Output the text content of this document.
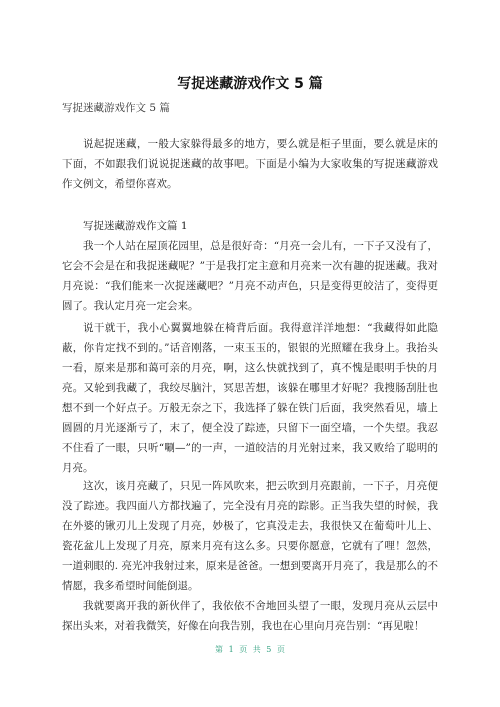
写捉迷藏游戏作文 5 篇

写捉迷藏游戏作文 5 篇

说起捉迷藏，一般大家躲得最多的地方，要么就是柜子里面，要么就是床的下面，不如跟我们说说捉迷藏的故事吧。下面是小编为大家收集的写捉迷藏游戏作文例文，希望你喜欢。

写捉迷藏游戏作文篇 1

我一个人站在屋顶花园里，总是很好奇：“月亮一会儿有，一下子又没有了，它会不会是在和我捉迷藏呢？”于是我打定主意和月亮来一次有趣的捉迷藏。我对月亮说：“我们能来一次捉迷藏吧？”月亮不动声色，只是变得更皎洁了，变得更圆了。我认定月亮一定会来。

说干就干，我小心翼翼地躲在椅背后面。我得意洋洋地想：“我藏得如此隐蔽，你肯定找不到的。”话音刚落，一束玉玉的，银银的光照耀在我身上。我抬头一看，原来是那和蔼可亲的月亮，啊，这么快就找到了，真不愧是眼明手快的月亮。又轮到我藏了，我绞尽脑汁，冥思苦想，该躲在哪里才好呢？我搜肠刮肚也想不到一个好点子。万般无奈之下，我选择了躲在铁门后面，我突然看见，墙上圆圆的月光逐渐亏了，末了，便全没了踪迹，只留下一面空墙，一个失望。我忍不住看了一眼，只听“唰—”的一声，一道皎洁的月光射过来，我又败给了聪明的月亮。

这次，该月亮藏了，只见一阵风吹来，把云吹到月亮跟前，一下子，月亮便没了踪迹。我四面八方都找遍了，完全没有月亮的踪影。正当我失望的时候，我在外婆的锹刃儿上发现了月亮，妙极了，它真没走去，我很快又在葡萄叶儿上、瓷花盆儿上发现了月亮，原来月亮有这么多。只要你愿意，它就有了哩！忽然，一道刺眼的. 亮光冲我射过来，原来是爸爸。一想到要离开月亮了，我是那么的不情愿，我多希望时间能倒退。

我就要离开我的新伙伴了，我依依不舍地回头望了一眼，发现月亮从云层中探出头来，对着我微笑，好像在向我告别，我也在心里向月亮告别：“再见啦！

第 1 页 共 5 页
